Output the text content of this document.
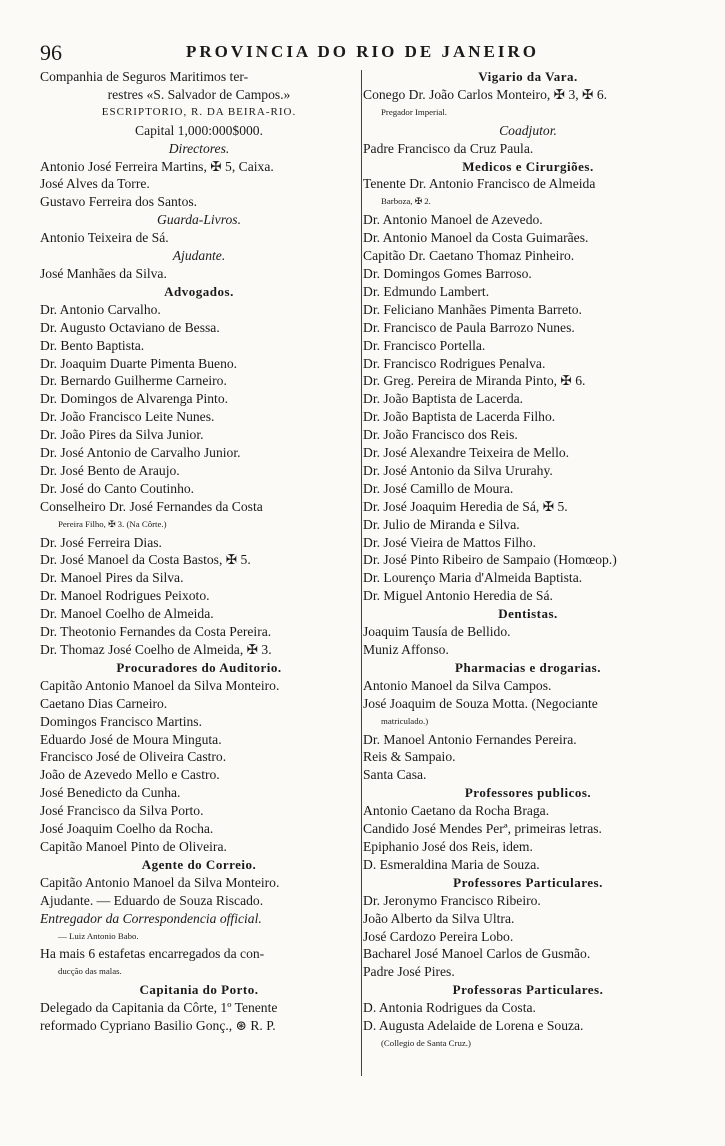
96	PROVINCIA DO RIO DE JANEIRO
Companhia de Seguros Maritimos ter-
restres «S. Salvador de Campos.»
ESCRIPTORIO, R. DA BEIRA-RIO.
Capital 1,000:000$000.
Directores.
Antonio José Ferreira Martins, ✠ 5, Caixa.
José Alves da Torre.
Gustavo Ferreira dos Santos.
Guarda-Livros.
Antonio Teixeira de Sá.
Ajudante.
José Manhães da Silva.
Advogados.
Dr. Antonio Carvalho.
Dr. Augusto Octaviano de Bessa.
Dr. Bento Baptista.
Dr. Joaquim Duarte Pimenta Bueno.
Dr. Bernardo Guilherme Carneiro.
Dr. Domingos de Alvarenga Pinto.
Dr. João Francisco Leite Nunes.
Dr. João Pires da Silva Junior.
Dr. José Antonio de Carvalho Junior.
Dr. José Bento de Araujo.
Dr. José do Canto Coutinho.
Conselheiro Dr. José Fernandes da Costa
Pereira Filho, ✠ 3. (Na Côrte.)
Dr. José Ferreira Dias.
Dr. José Manoel da Costa Bastos, ✠ 5.
Dr. Manoel Pires da Silva.
Dr. Manoel Rodrigues Peixoto.
Dr. Manoel Coelho de Almeida.
Dr. Theotonio Fernandes da Costa Pereira.
Dr. Thomaz José Coelho de Almeida, ✠ 3.
Procuradores do Auditorio.
Capitão Antonio Manoel da Silva Monteiro.
Caetano Dias Carneiro.
Domingos Francisco Martins.
Eduardo José de Moura Minguta.
Francisco José de Oliveira Castro.
João de Azevedo Mello e Castro.
José Benedicto da Cunha.
José Francisco da Silva Porto.
José Joaquim Coelho da Rocha.
Capitão Manoel Pinto de Oliveira.
Agente do Correio.
Capitão Antonio Manoel da Silva Monteiro.
Ajudante. — Eduardo de Souza Riscado.
Entregador da Correspondencia official.
— Luiz Antonio Babo.
Ha mais 6 estafetas encarregados da con-
ducção das malas.
Capitania do Porto.
Delegado da Capitania da Côrte, 1º Tenente
reformado Cypriano Basilio Gonç., ⊛ R. P.
Vigario da Vara.
Conego Dr. João Carlos Monteiro, ✠ 3, ✠ 6.
Pregador Imperial.
Coadjutor.
Padre Francisco da Cruz Paula.
Medicos e Cirurgiões.
Tenente Dr. Antonio Francisco de Almeida
Barboza, ✠ 2.
Dr. Antonio Manoel de Azevedo.
Dr. Antonio Manoel da Costa Guimarães.
Capitão Dr. Caetano Thomaz Pinheiro.
Dr. Domingos Gomes Barroso.
Dr. Edmundo Lambert.
Dr. Feliciano Manhães Pimenta Barreto.
Dr. Francisco de Paula Barrozo Nunes.
Dr. Francisco Portella.
Dr. Francisco Rodrigues Penalva.
Dr. Greg. Pereira de Miranda Pinto, ✠ 6.
Dr. João Baptista de Lacerda.
Dr. João Baptista de Lacerda Filho.
Dr. João Francisco dos Reis.
Dr. José Alexandre Teixeira de Mello.
Dr. José Antonio da Silva Ururahy.
Dr. José Camillo de Moura.
Dr. José Joaquim Heredia de Sá, ✠ 5.
Dr. Julio de Miranda e Silva.
Dr. José Vieira de Mattos Filho.
Dr. José Pinto Ribeiro de Sampaio (Homœop.)
Dr. Lourenço Maria d'Almeida Baptista.
Dr. Miguel Antonio Heredia de Sá.
Dentistas.
Joaquim Tausía de Bellido.
Muniz Affonso.
Pharmacias e drogarias.
Antonio Manoel da Silva Campos.
José Joaquim de Souza Motta. (Negociante
matriculado.)
Dr. Manoel Antonio Fernandes Pereira.
Reis & Sampaio.
Santa Casa.
Professores publicos.
Antonio Caetano da Rocha Braga.
Candido José Mendes Perª, primeiras letras.
Epiphanio José dos Reis, idem.
D. Esmeraldina Maria de Souza.
Professores Particulares.
Dr. Jeronymo Francisco Ribeiro.
João Alberto da Silva Ultra.
José Cardozo Pereira Lobo.
Bacharel José Manoel Carlos de Gusmão.
Padre José Pires.
Professoras Particulares.
D. Antonia Rodrigues da Costa.
D. Augusta Adelaide de Lorena e Souza.
(Collegio de Santa Cruz.)
